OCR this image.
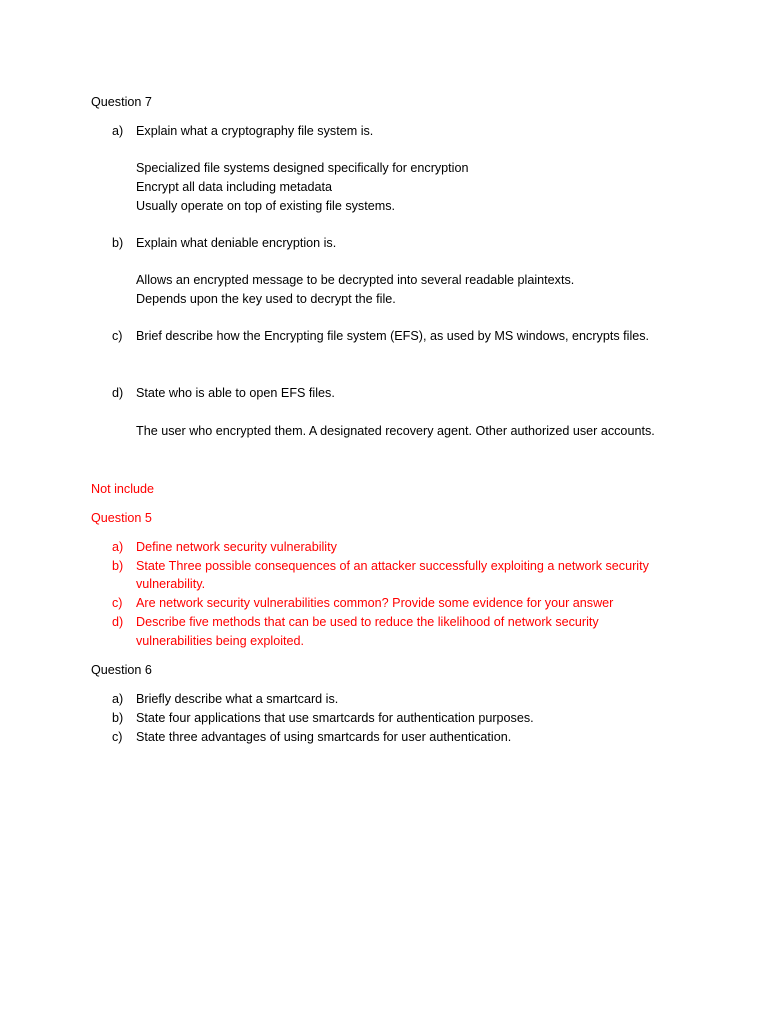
Question 7
a) Explain what a cryptography file system is.
Specialized file systems designed specifically for encryption
Encrypt all data including metadata
Usually operate on top of existing file systems.
b) Explain what deniable encryption is.
Allows an encrypted message to be decrypted into several readable plaintexts.
Depends upon the key used to decrypt the file.
c) Brief describe how the Encrypting file system (EFS), as used by MS windows, encrypts files.
d) State who is able to open EFS files.
The user who encrypted them. A designated recovery agent. Other authorized user accounts.
Not include
Question 5
a) Define network security vulnerability
b) State Three possible consequences of an attacker successfully exploiting a network security
vulnerability.
c) Are network security vulnerabilities common? Provide some evidence for your answer
d) Describe five methods that can be used to reduce the likelihood of network security
vulnerabilities being exploited.
Question 6
a) Briefly describe what a smartcard is.
b) State four applications that use smartcards for authentication purposes.
c) State three advantages of using smartcards for user authentication.
